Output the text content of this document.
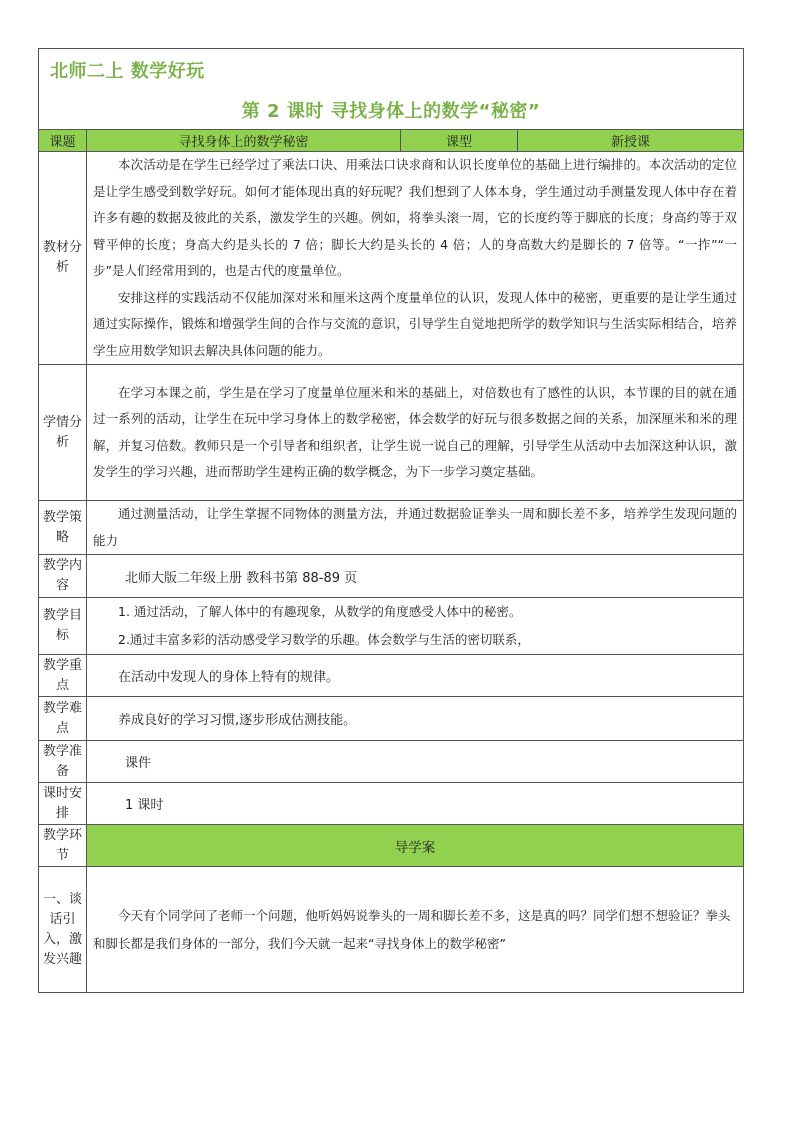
北师二上 数学好玩
第 2 课时 寻找身体上的数学“秘密”			

课题	寻找身体上的数学秘密	课型	新授课
教材分析	本次活动是在学生已经学过了乘法口诀、用乘法口诀求商和认识长度单位的基础上进行编排的。本次活动的定位是让学生感受到数学好玩。如何才能体现出真的好玩呢？我们想到了人体本身，学生通过动手测量发现人体中存在着许多有趣的数据及彼此的关系，激发学生的兴趣。例如，将拳头滚一周，它的长度约等于脚底的长度；身高约等于双臂平伸的长度；身高大约是头长的 7 倍；脚长大约是头长的 4 倍；人的身高数大约是脚长的 7 倍等。“一拃”“一步”是人们经常用到的，也是古代的度量单位。

安排这样的实践活动不仅能加深对米和厘米这两个度量单位的认识，发现人体中的秘密，更重要的是让学生通过通过实际操作，锻炼和增强学生间的合作与交流的意识，引导学生自觉地把所学的数学知识与生活实际相结合，培养学生应用数学知识去解决具体问题的能力。		

学情分析	在学习本课之前，学生是在学习了度量单位厘米和米的基础上，对倍数也有了感性的认识，本节课的目的就在通过一系列的活动，让学生在玩中学习身体上的数学秘密，体会数学的好玩与很多数据之间的关系，加深厘米和米的理解，并复习倍数。教师只是一个引导者和组织者，让学生说一说自己的理解，引导学生从活动中去加深这种认识，激发学生的学习兴趣，进而帮助学生建构正确的数学概念，为下一步学习奠定基础。		

教学策略	通过测量活动，让学生掌握不同物体的测量方法，并通过数据验证拳头一周和脚长差不多，培养学生发现问题的能力		

教学内容	北师大版二年级上册 教科书第 88-89 页		
教学目标	1. 通过活动，了解人体中的有趣现象，从数学的角度感受人体中的秘密。
2.通过丰富多彩的活动感受学习数学的乐趣。体会数学与生活的密切联系，		

教学重点	在活动中发现人的身体上特有的规律。		
教学难点	养成良好的学习习惯,逐步形成估测技能。		
教学准备	课件		
课时安排	1 课时		
教学环节	导学案		
一、谈话引入，激发兴趣	今天有个同学问了老师一个问题，他听妈妈说拳头的一周和脚长差不多，这是真的吗？同学们想不想验证？拳头和脚长都是我们身体的一部分，我们今天就一起来“寻找身体上的数学秘密”		
